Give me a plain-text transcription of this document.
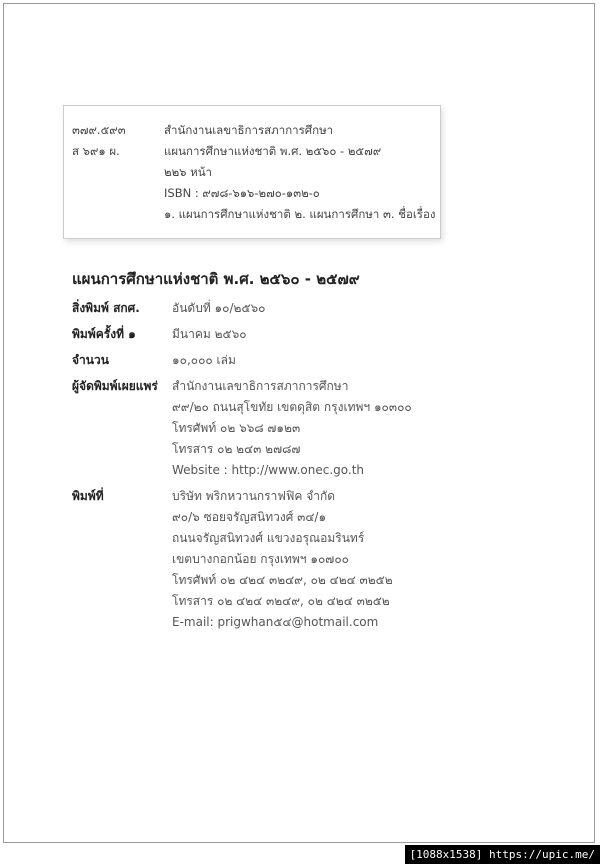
๓๗๙.๕๙๓	สำนักงานเลขาธิการสภาการศึกษา
ส ๖๙๑ ผ.	แผนการศึกษาแห่งชาติ พ.ศ. ๒๕๖๐ - ๒๕๗๙
๒๒๖ หน้า
ISBN : ๙๗๘-๖๑๖-๒๗๐-๑๓๒-๐
๑. แผนการศึกษาแห่งชาติ ๒. แผนการศึกษา ๓. ชื่อเรื่อง
แผนการศึกษาแห่งชาติ พ.ศ. ๒๕๖๐ - ๒๕๗๙
สิ่งพิมพ์ สกศ.	อันดับที่ ๑๐/๒๕๖๐
พิมพ์ครั้งที่ ๑	มีนาคม ๒๕๖๐
จำนวน	๑๐,๐๐๐ เล่ม
ผู้จัดพิมพ์เผยแพร่	สำนักงานเลขาธิการสภาการศึกษา
๙๙/๒๐ ถนนสุโขทัย เขตดุสิต กรุงเทพฯ ๑๐๓๐๐
โทรศัพท์ ๐๒ ๖๖๘ ๗๑๒๓
โทรสาร ๐๒ ๒๔๓ ๒๗๘๗
Website : http://www.onec.go.th
พิมพ์ที่	บริษัท พริกหวานกราฟฟิค จำกัด
๙๐/๖ ซอยจรัญสนิทวงศ์ ๓๔/๑
ถนนจรัญสนิทวงศ์ แขวงอรุณอมรินทร์
เขตบางกอกน้อย กรุงเทพฯ ๑๐๗๐๐
โทรศัพท์ ๐๒ ๔๒๔ ๓๒๔๙, ๐๒ ๔๒๔ ๓๒๕๒
โทรสาร ๐๒ ๔๒๔ ๓๒๔๙, ๐๒ ๔๒๔ ๓๒๕๒
E-mail: prigwhan๕๔@hotmail.com
[1088x1538] https://upic.me/
